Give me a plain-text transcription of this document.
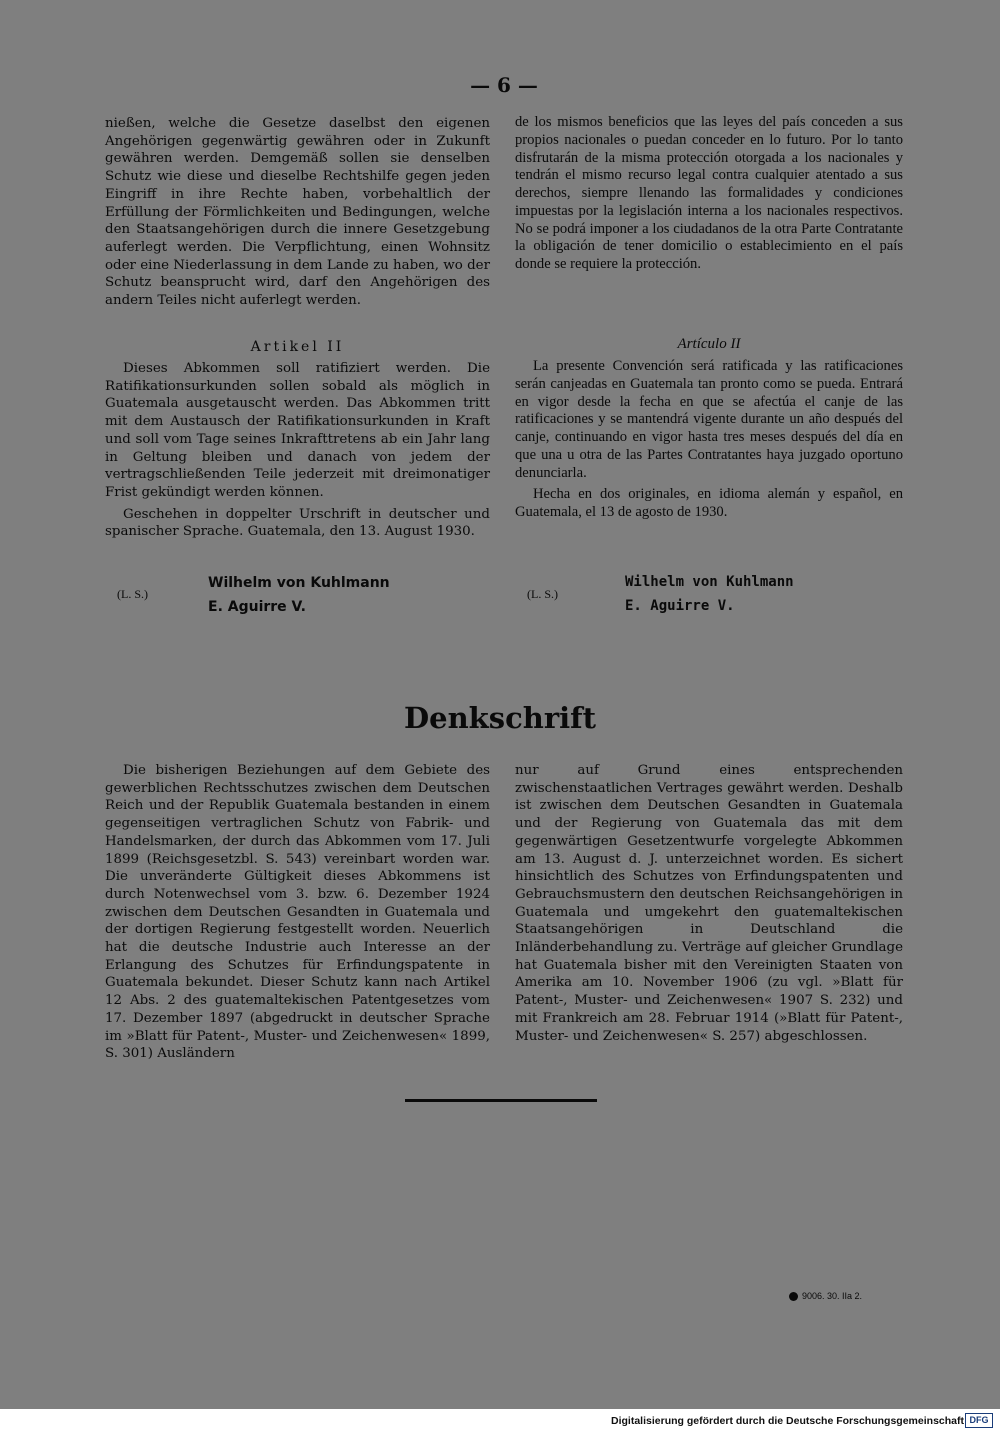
— 6 —

nießen, welche die Gesetze daselbst den eigenen Angehörigen gegenwärtig gewähren oder in Zukunft gewähren werden. Demgemäß sollen sie denselben Schutz wie diese und dieselbe Rechtshilfe gegen jeden Eingriff in ihre Rechte haben, vorbehaltlich der Erfüllung der Förmlichkeiten und Bedingungen, welche den Staatsangehörigen durch die innere Gesetzgebung auferlegt werden. Die Verpflichtung, einen Wohnsitz oder eine Niederlassung in dem Lande zu haben, wo der Schutz beansprucht wird, darf den Angehörigen des andern Teiles nicht auferlegt werden.

Artikel II

Dieses Abkommen soll ratifiziert werden. Die Ratifikationsurkunden sollen sobald als möglich in Guatemala ausgetauscht werden. Das Abkommen tritt mit dem Austausch der Ratifikationsurkunden in Kraft und soll vom Tage seines Inkrafttretens ab ein Jahr lang in Geltung bleiben und danach von jedem der vertragschließenden Teile jederzeit mit dreimonatiger Frist gekündigt werden können.

Geschehen in doppelter Urschrift in deutscher und spanischer Sprache. Guatemala, den 13. August 1930.

de los mismos beneficios que las leyes del país conceden a sus propios nacionales o puedan conceder en lo futuro. Por lo tanto disfrutarán de la misma protección otorgada a los nacionales y tendrán el mismo recurso legal contra cualquier atentado a sus derechos, siempre llenando las formalidades y condiciones impuestas por la legislación interna a los nacionales respectivos. No se podrá imponer a los ciudadanos de la otra Parte Contratante la obligación de tener domicilio o establecimiento en el país donde se requiere la protección.

Artículo II

La presente Convención será ratificada y las ratificaciones serán canjeadas en Guatemala tan pronto como se pueda. Entrará en vigor desde la fecha en que se afectúa el canje de las ratificaciones y se mantendrá vigente durante un año después del canje, continuando en vigor hasta tres meses después del día en que una u otra de las Partes Contratantes haya juzgado oportuno denunciarla.

Hecha en dos originales, en idioma alemán y español, en Guatemala, el 13 de agosto de 1930.

(L. S.)
Wilhelm von Kuhlmann
E. Aguirre V.
(L. S.)
Wilhelm von Kuhlmann
E. Aguirre V.
Denkschrift

Die bisherigen Beziehungen auf dem Gebiete des gewerblichen Rechtsschutzes zwischen dem Deutschen Reich und der Republik Guatemala bestanden in einem gegenseitigen vertraglichen Schutz von Fabrik- und Handelsmarken, der durch das Abkommen vom 17. Juli 1899 (Reichsgesetzbl. S. 543) vereinbart worden war. Die unveränderte Gültigkeit dieses Abkommens ist durch Notenwechsel vom 3. bzw. 6. Dezember 1924 zwischen dem Deutschen Gesandten in Guatemala und der dortigen Regierung festgestellt worden. Neuerlich hat die deutsche Industrie auch Interesse an der Erlangung des Schutzes für Erfindungspatente in Guatemala bekundet. Dieser Schutz kann nach Artikel 12 Abs. 2 des guatemaltekischen Patentgesetzes vom 17. Dezember 1897 (abgedruckt in deutscher Sprache im »Blatt für Patent-, Muster- und Zeichenwesen« 1899, S. 301) Ausländern

nur auf Grund eines entsprechenden zwischenstaatlichen Vertrages gewährt werden. Deshalb ist zwischen dem Deutschen Gesandten in Guatemala und der Regierung von Guatemala das mit dem gegenwärtigen Gesetzentwurfe vorgelegte Abkommen am 13. August d. J. unterzeichnet worden. Es sichert hinsichtlich des Schutzes von Erfindungspatenten und Gebrauchsmustern den deutschen Reichsangehörigen in Guatemala und umgekehrt den guatemaltekischen Staatsangehörigen in Deutschland die Inländerbehandlung zu. Verträge auf gleicher Grundlage hat Guatemala bisher mit den Vereinigten Staaten von Amerika am 10. November 1906 (zu vgl. »Blatt für Patent-, Muster- und Zeichenwesen« 1907 S. 232) und mit Frankreich am 28. Februar 1914 (»Blatt für Patent-, Muster- und Zeichenwesen« S. 257) abgeschlossen.

9006. 30. IIa 2.
Digitalisierung gefördert durch die Deutsche Forschungsgemeinschaft DFG
